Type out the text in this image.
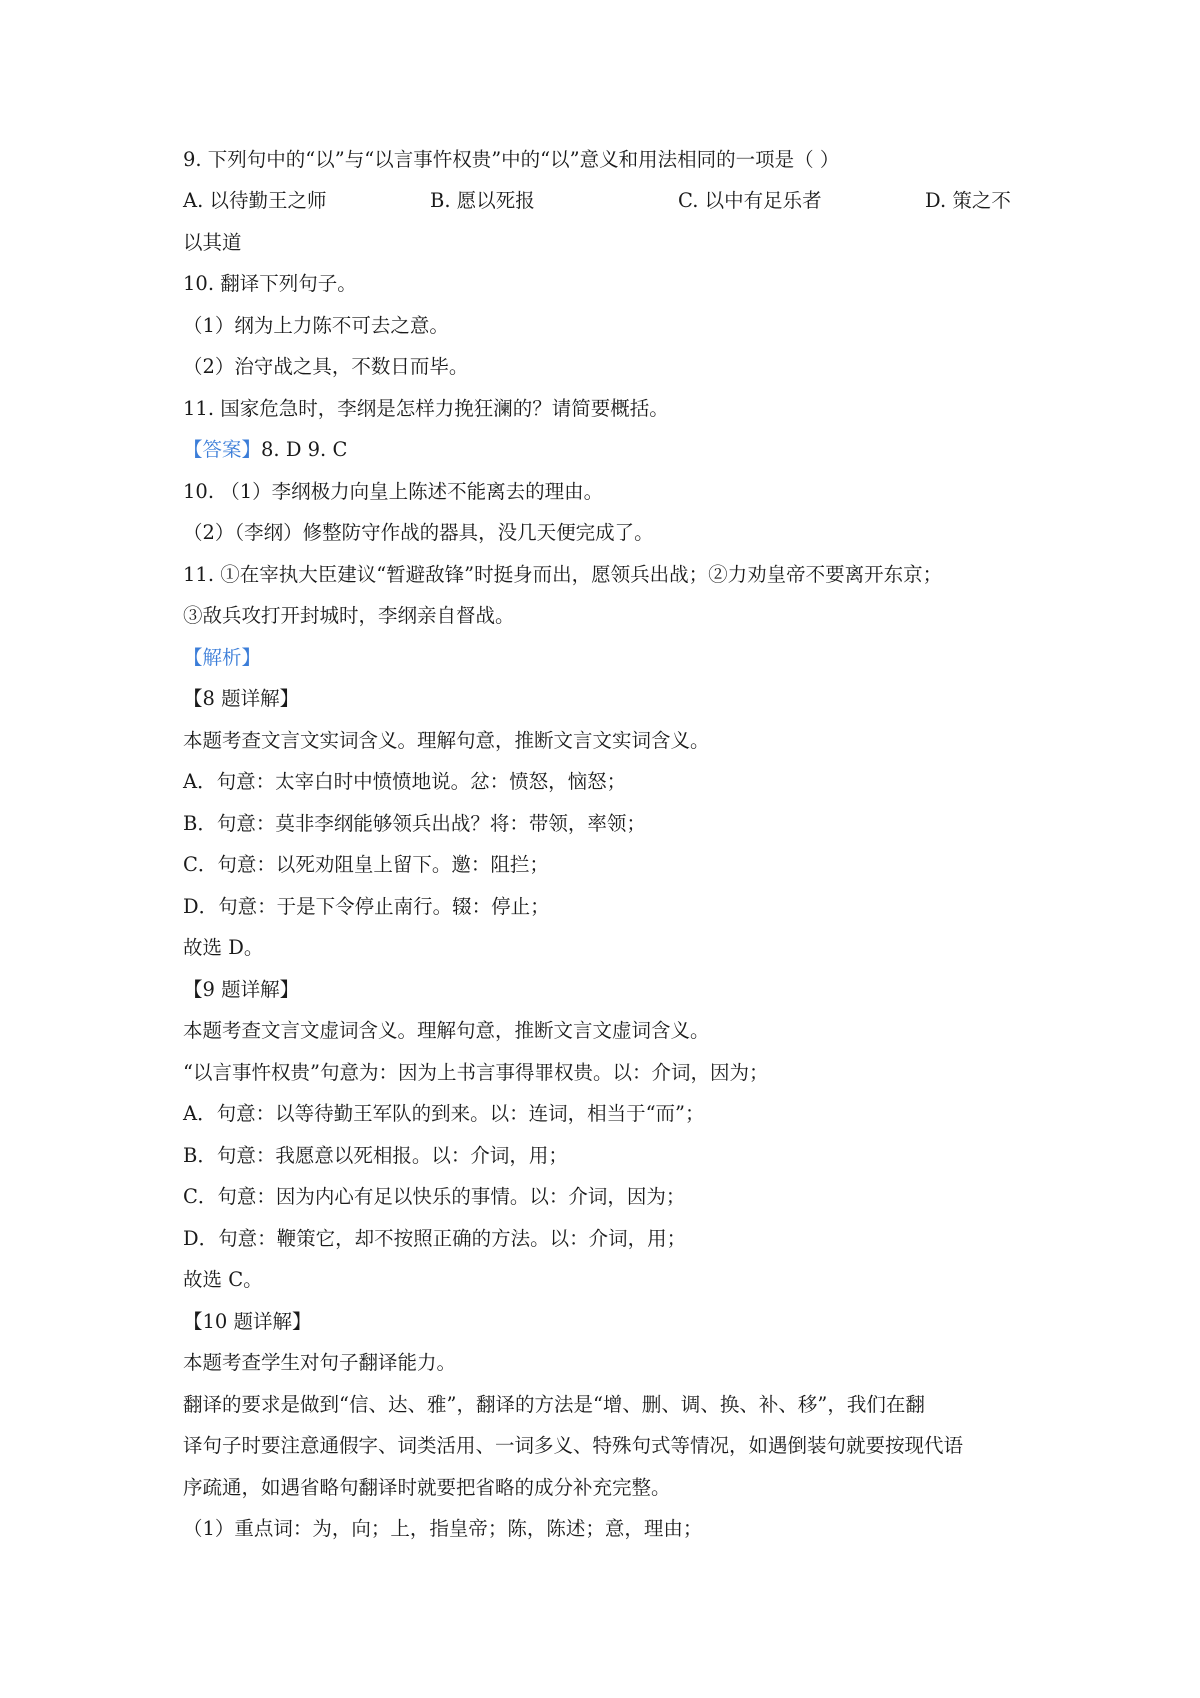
9. 下列句中的“以”与“以言事忤权贵”中的“以”意义和用法相同的一项是（ ）
A. 以待勤王之师	B. 愿以死报	C. 以中有足乐者	D. 策之不
以其道
10. 翻译下列句子。
（1）纲为上力陈不可去之意。
（2）治守战之具，不数日而毕。
11. 国家危急时，李纲是怎样力挽狂澜的？请简要概括。
【答案】8. D 9. C
10. （1）李纲极力向皇上陈述不能离去的理由。
（2）（李纲）修整防守作战的器具，没几天便完成了。
11. ①在宰执大臣建议“暂避敌锋”时挺身而出，愿领兵出战；②力劝皇帝不要离开东京；
③敌兵攻打开封城时，李纲亲自督战。
【解析】
【8 题详解】
本题考查文言文实词含义。理解句意，推断文言文实词含义。
A．句意：太宰白时中愤愤地说。忿：愤怒，恼怒；
B．句意：莫非李纲能够领兵出战？将：带领，率领；
C．句意：以死劝阻皇上留下。邀：阻拦；
D．句意：于是下令停止南行。辍：停止；
故选 D。
【9 题详解】
本题考查文言文虚词含义。理解句意，推断文言文虚词含义。
“以言事忤权贵”句意为：因为上书言事得罪权贵。以：介词，因为；
A．句意：以等待勤王军队的到来。以：连词，相当于“而”；
B．句意：我愿意以死相报。以：介词，用；
C．句意：因为内心有足以快乐的事情。以：介词，因为；
D．句意：鞭策它，却不按照正确的方法。以：介词，用；
故选 C。
【10 题详解】
本题考查学生对句子翻译能力。
翻译的要求是做到“信、达、雅”，翻译的方法是“增、删、调、换、补、移”，我们在翻
译句子时要注意通假字、词类活用、一词多义、特殊句式等情况，如遇倒装句就要按现代语
序疏通，如遇省略句翻译时就要把省略的成分补充完整。
（1）重点词：为，向；上，指皇帝；陈，陈述；意，理由；
